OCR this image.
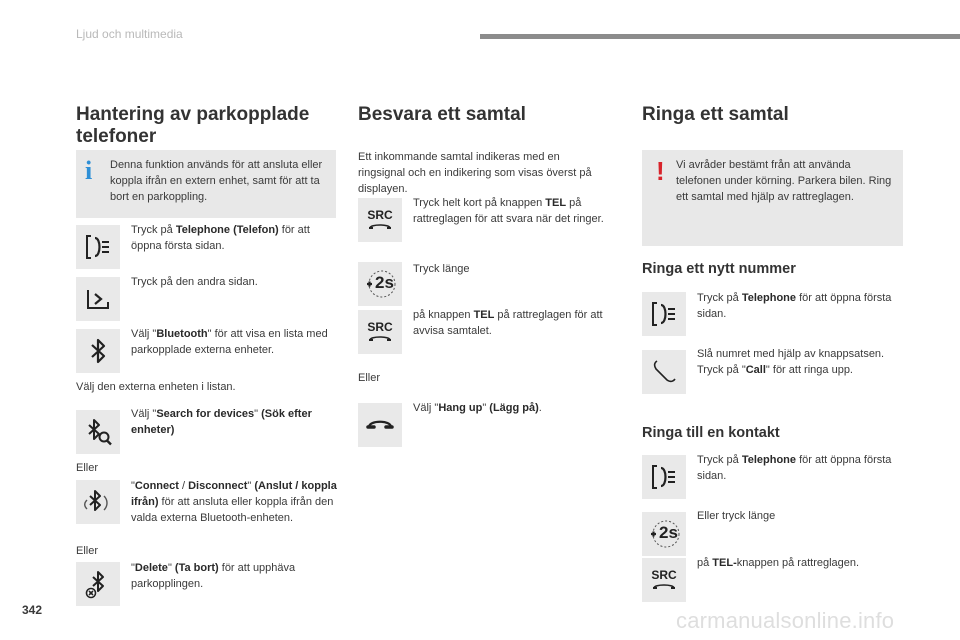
Ljud och multimedia
Hantering av parkopplade telefoner
i Denna funktion används för att ansluta eller koppla ifrån en extern enhet, samt för att ta bort en parkoppling.
Tryck på Telephone (Telefon) för att öppna första sidan.
Tryck på den andra sidan.
Välj "Bluetooth" för att visa en lista med parkopplade externa enheter.
Välj den externa enheten i listan.
Välj "Search for devices" (Sök efter enheter)
Eller
"Connect / Disconnect" (Anslut / koppla ifrån) för att ansluta eller koppla ifrån den valda externa Bluetooth-enheten.
Eller
"Delete" (Ta bort) för att upphäva parkopplingen.
Besvara ett samtal
Ett inkommande samtal indikeras med en ringsignal och en indikering som visas överst på displayen.
SRC
Tryck helt kort på knappen TEL på rattreglagen för att svara när det ringer.
2s
Tryck länge
SRC
på knappen TEL på rattreglagen för att avvisa samtalet.
Eller
Välj "Hang up" (Lägg på).
Ringa ett samtal
! Vi avråder bestämt från att använda telefonen under körning. Parkera bilen. Ring ett samtal med hjälp av rattreglagen.
Ringa ett nytt nummer
Tryck på Telephone för att öppna första sidan.
Slå numret med hjälp av knappsatsen.
Tryck på "Call" för att ringa upp.
Ringa till en kontakt
Tryck på Telephone för att öppna första sidan.
2s
Eller tryck länge
SRC
på TEL-knappen på rattreglagen.
342	carmanualsonline.info
